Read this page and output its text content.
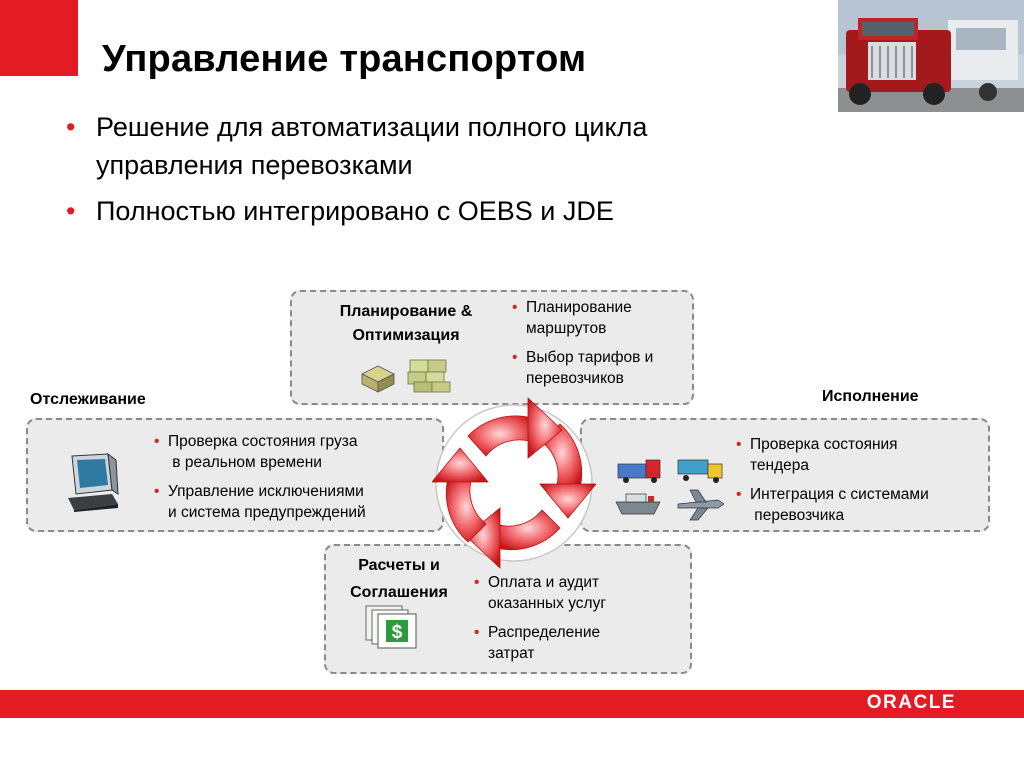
Управление транспортом
• Решение для автоматизации полного цикла
управления перевозками
• Полностью интегрировано с OEBS и JDE
Планирование &
Оптимизация
• Планирование
маршрутов
• Выбор тарифов и
перевозчиков
Отслеживание
• Проверка состояния груза
в реальном времени
• Управление исключениями
и система предупреждений
Исполнение
• Проверка состояния
тендера
• Интеграция с системами
перевозчика
Расчеты и
Соглашения
$
• Оплата и аудит
оказанных услуг
• Распределение
затрат
ORACLE
